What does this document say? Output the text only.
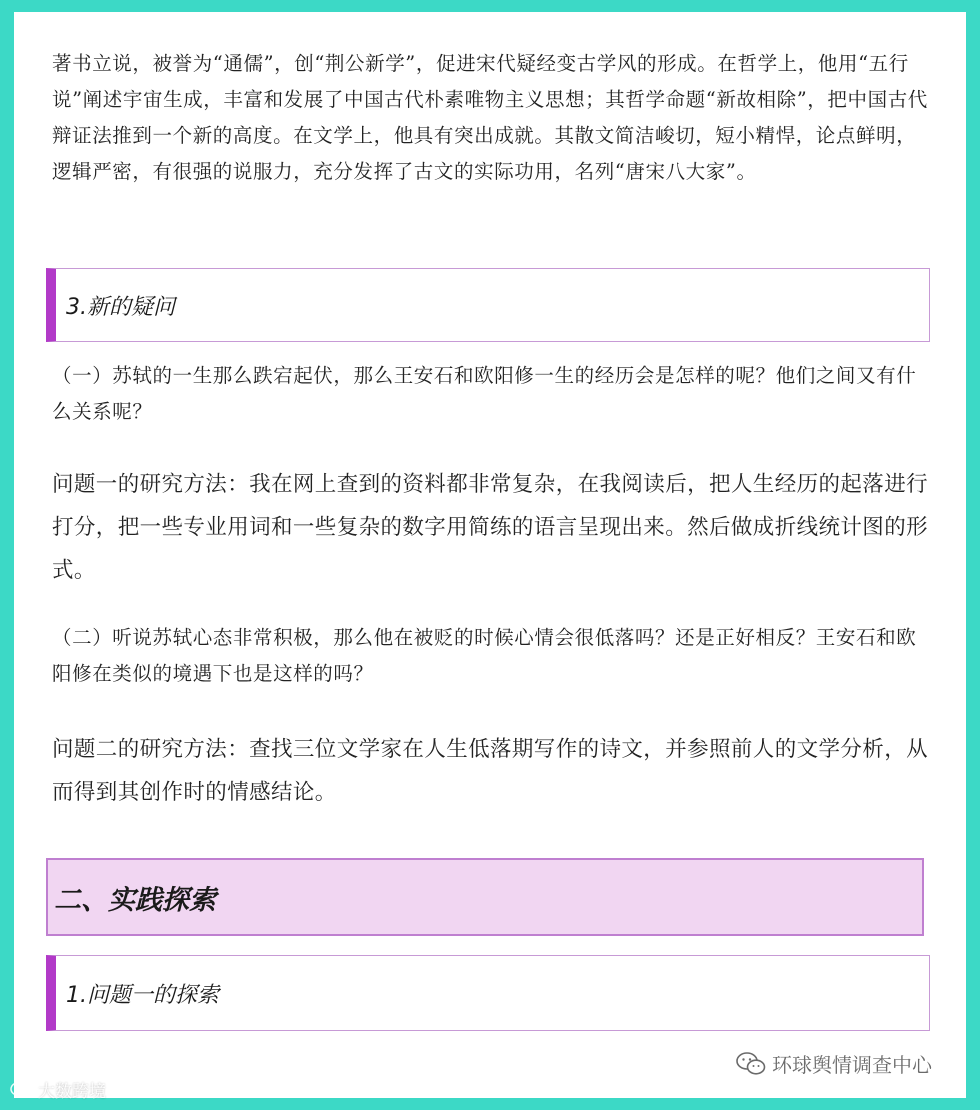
著书立说，被誉为“通儒”，创“荆公新学”，促进宋代疑经变古学风的形成。在哲学上，他用“五行说”阐述宇宙生成，丰富和发展了中国古代朴素唯物主义思想；其哲学命题“新故相除”，把中国古代辩证法推到一个新的高度。在文学上，他具有突出成就。其散文简洁峻切，短小精悍，论点鲜明，逻辑严密，有很强的说服力，充分发挥了古文的实际功用，名列“唐宋八大家”。

3.新的疑问

（一）苏轼的一生那么跌宕起伏，那么王安石和欧阳修一生的经历会是怎样的呢？他们之间又有什么关系呢？

问题一的研究方法：我在网上查到的资料都非常复杂，在我阅读后，把人生经历的起落进行打分，把一些专业用词和一些复杂的数字用简练的语言呈现出来。然后做成折线统计图的形式。

（二）听说苏轼心态非常积极，那么他在被贬的时候心情会很低落吗？还是正好相反？王安石和欧阳修在类似的境遇下也是这样的吗？

问题二的研究方法：查找三位文学家在人生低落期写作的诗文，并参照前人的文学分析，从而得到其创作时的情感结论。

二、实践探索
1.问题一的探索
环球舆情调查中心
大数跨境
